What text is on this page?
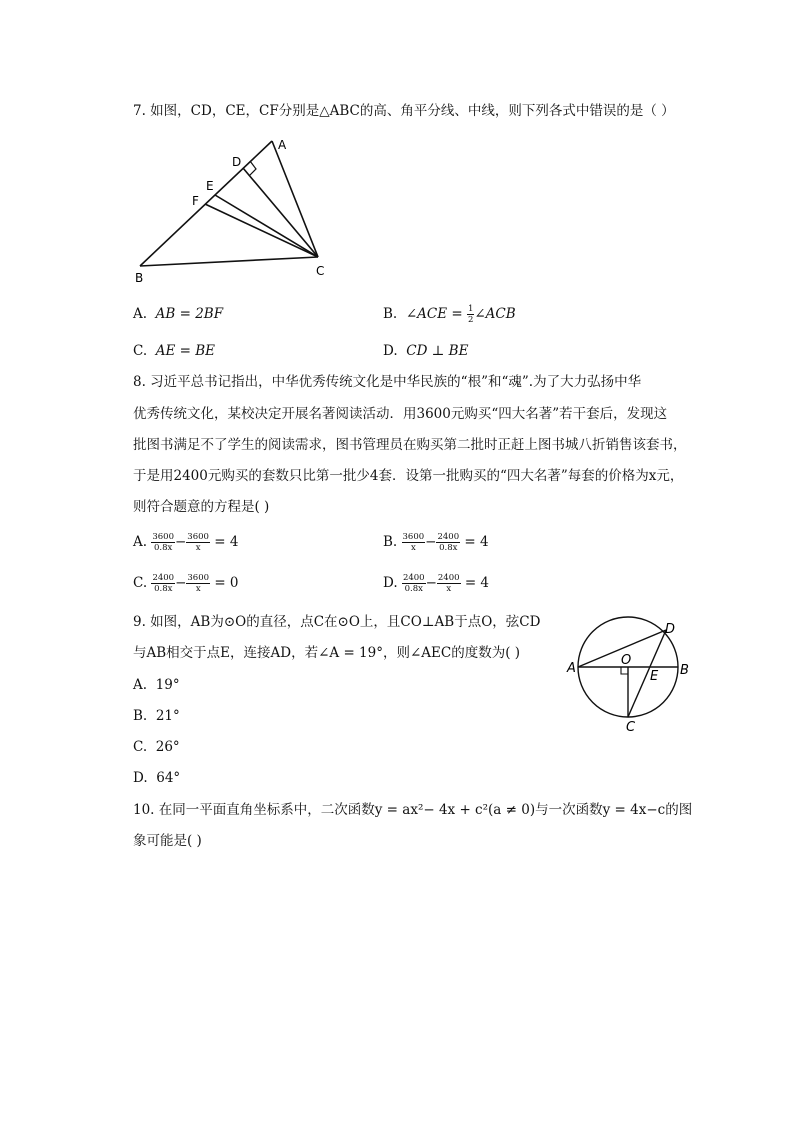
7. 如图，CD，CE，CF分别是△ABC的高、角平分线、中线，则下列各式中错误的是（ ）
A
D
E
F
B	C
A. AB = 2BF	B. ∠ACE = $\frac{1}{2}$ ∠ACB
C. AE = BE	D. CD ⊥ BE
8. 习近平总书记指出，中华优秀传统文化是中华民族的“根”和“魂”.为了大力弘扬中华
优秀传统文化，某校决定开展名著阅读活动．用3600元购买“四大名著”若干套后，发现这
批图书满足不了学生的阅读需求，图书管理员在购买第二批时正赶上图书城八折销售该套书，
于是用2400元购买的套数只比第一批少4套．设第一批购买的“四大名著”每套的价格为x元，
则符合题意的方程是( )
A. $\frac{3600}{0.8x} - \frac{3600}{x} = 4$	B. $\frac{3600}{x} - \frac{2400}{0.8x} = 4$
C. $\frac{2400}{0.8x} - \frac{3600}{x} = 0$	D. $\frac{2400}{0.8x} - \frac{2400}{x} = 4$
9. 如图，AB为⊙O的直径，点C在⊙O上，且CO⊥AB于点O，弦CD
与AB相交于点E，连接AD，若∠A = 19°，则∠AEC的度数为( )
A
O
D
E B
C
A. 19°
B. 21°
C. 26°
D. 64°
10. 在同一平面直角坐标系中，二次函数y = ax²− 4x + c²(a ≠ 0)与一次函数y = 4x−c的图
象可能是( )
